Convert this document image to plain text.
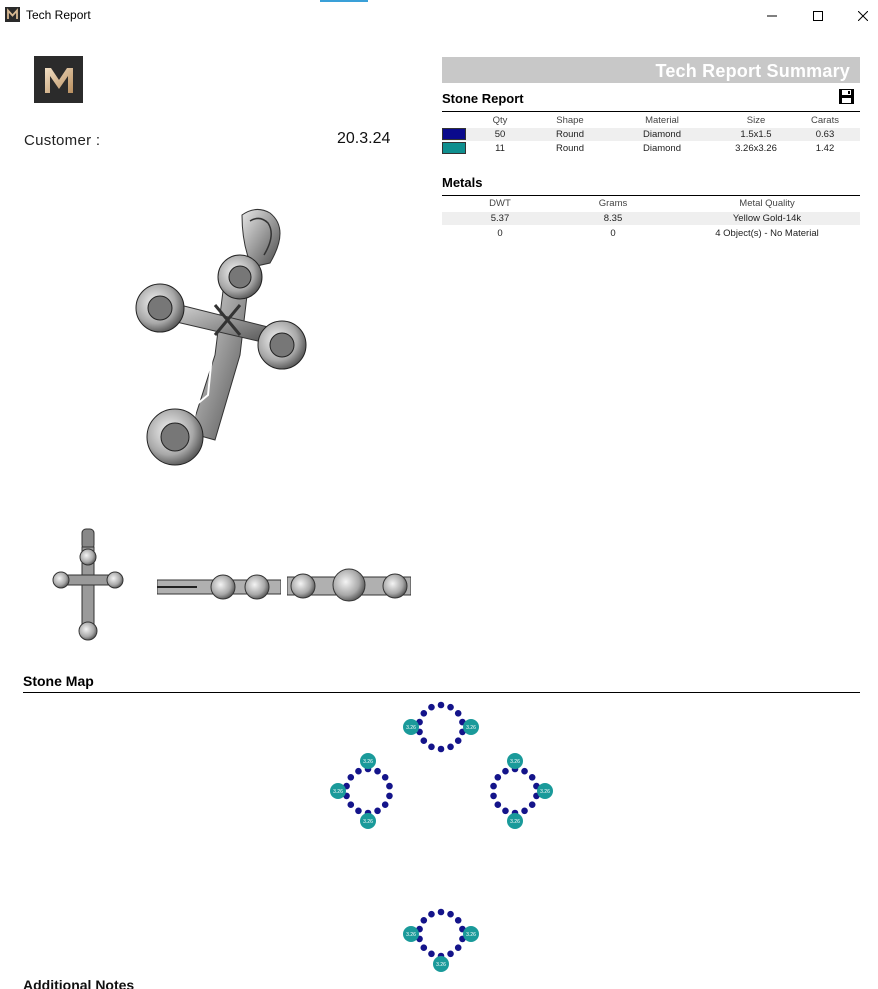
Tech Report
Customer :	20.3.24
Tech Report Summary
Stone Report
Qty	Shape	Material	Size	Carats
50	Round	Diamond	1.5x1.5	0.63
11	Round	Diamond	3.26x3.26	1.42
Metals
DWT	Grams	Metal Quality
5.37	8.35	Yellow Gold-14k
0	0	4 Object(s) - No Material
Stone Map
3.26	3.26
3.26
3.26
3.26
3.26
3.26
3.26
3.26	3.26
3.26
Additional Notes
